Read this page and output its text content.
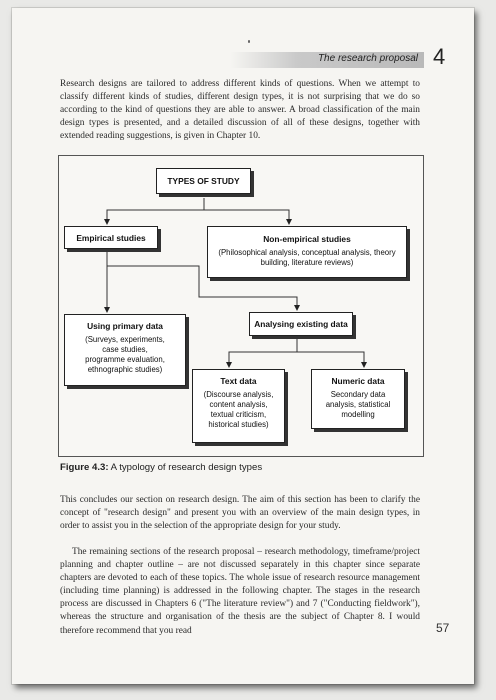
The research proposal 4

Research designs are tailored to address different kinds of questions. When we attempt to classify different kinds of studies, different design types, it is not surprising that we do so according to the kind of questions they are able to answer. A broad classification of the main design types is presented, and a detailed discussion of all of these designs, together with extended reading suggestions, is given in Chapter 10.

TYPES OF STUDY
Empirical studies	Non-empirical studies
(Philosophical analysis, conceptual analysis, theory building, literature reviews)
Using primary data
(Surveys, experiments,
case studies,
programme evaluation,
ethnographic studies)
Analysing existing data
Text data
(Discourse analysis,
content analysis,
textual criticism,
historical studies)
Numeric data
Secondary data
analysis, statistical
modelling
Figure 4.3: A typology of research design types

This concludes our section on research design. The aim of this section has been to clarify the concept of "research design" and present you with an overview of the main design types, in order to assist you in the selection of the appropriate design for your study.

The remaining sections of the research proposal – research methodology, timeframe/project planning and chapter outline – are not discussed separately in this chapter since separate chapters are devoted to each of these topics. The whole issue of research resource management (including time planning) is addressed in the following chapter. The stages in the research process are discussed in Chapters 6 ("The literature review") and 7 ("Conducting fieldwork"), whereas the structure and organisation of the thesis are the subject of Chapter 8. I would therefore recommend that you read	57
